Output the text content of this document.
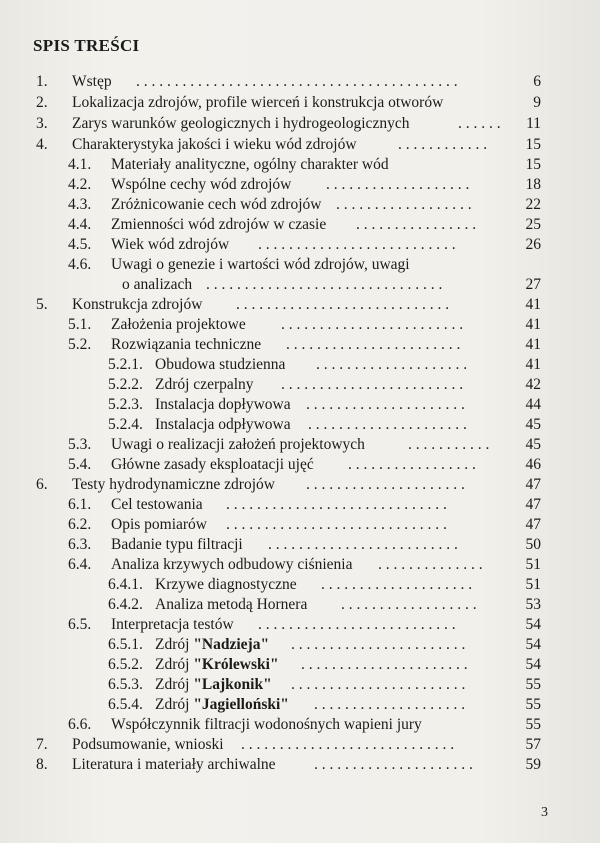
SPIS TREŚCI
1. Wstęp . . . . . . . . . . . . . . . . . . . . . . . . . . . . . . . . . . . . . . . . . .	6
2. Lokalizacja zdrojów, profile wierceń i konstrukcja otworów	9
3. Zarys warunków geologicznych i hydrogeologicznych	. . . . . .	11
4. Charakterystyka jakości i wieku wód zdrojów	. . . . . . . . . . . .	15
4.1. Materiały analityczne, ogólny charakter wód	15
4.2. Wspólne cechy wód zdrojów . . . . . . . . . . . . . . . . . . .	18
4.3. Zróżnicowanie cech wód zdrojów . . . . . . . . . . . . . . . . . .	22
4.4. Zmienności wód zdrojów w czasie . . . . . . . . . . . . . . . .	25
4.5. Wiek wód zdrojów . . . . . . . . . . . . . . . . . . . . . . . . . .	26
4.6. Uwagi o genezie i wartości wód zdrojów, uwagi
o analizach . . . . . . . . . . . . . . . . . . . . . . . . . . . . . . .	27
5. Konstrukcja zdrojów . . . . . . . . . . . . . . . . . . . . . . . . . . . .	41
5.1. Założenia projektowe . . . . . . . . . . . . . . . . . . . . . . . .	41
5.2. Rozwiązania techniczne . . . . . . . . . . . . . . . . . . . . . . .	41
5.2.1. Obudowa studzienna . . . . . . . . . . . . . . . . . . . .	41
5.2.2. Zdrój czerpalny . . . . . . . . . . . . . . . . . . . . . . . .	42
5.2.3. Instalacja dopływowa . . . . . . . . . . . . . . . . . . . . .	44
5.2.4. Instalacja odpływowa . . . . . . . . . . . . . . . . . . . . .	45
5.3. Uwagi o realizacji założeń projektowych	. . . . . . . . . . .	45
5.4. Główne zasady eksploatacji ujęć . . . . . . . . . . . . . . . . .	46
6. Testy hydrodynamiczne zdrojów . . . . . . . . . . . . . . . . . . . . .	47
6.1. Cel testowania . . . . . . . . . . . . . . . . . . . . . . . . . . . . .	47
6.2. Opis pomiarów . . . . . . . . . . . . . . . . . . . . . . . . . . . . .	47
6.3. Badanie typu filtracji . . . . . . . . . . . . . . . . . . . . . . . . .	50
6.4. Analiza krzywych odbudowy ciśnienia . . . . . . . . . . . . . .	51
6.4.1. Krzywe diagnostyczne . . . . . . . . . . . . . . . . . . . .	51
6.4.2. Analiza metodą Hornera . . . . . . . . . . . . . . . . . .	53
6.5. Interpretacja testów . . . . . . . . . . . . . . . . . . . . . . . . . .	54
6.5.1. Zdrój "Nadzieja" . . . . . . . . . . . . . . . . . . . . . . .	54
6.5.2. Zdrój "Królewski" . . . . . . . . . . . . . . . . . . . . . .	54
6.5.3. Zdrój "Lajkonik" . . . . . . . . . . . . . . . . . . . . . . .	55
6.5.4. Zdrój "Jagielloński" . . . . . . . . . . . . . . . . . . . .	55
6.6. Współczynnik filtracji wodonośnych wapieni jury	55
7. Podsumowanie, wnioski . . . . . . . . . . . . . . . . . . . . . . . . . . . .	57
8. Literatura i materiały archiwalne . . . . . . . . . . . . . . . . . . . . .	59
3
